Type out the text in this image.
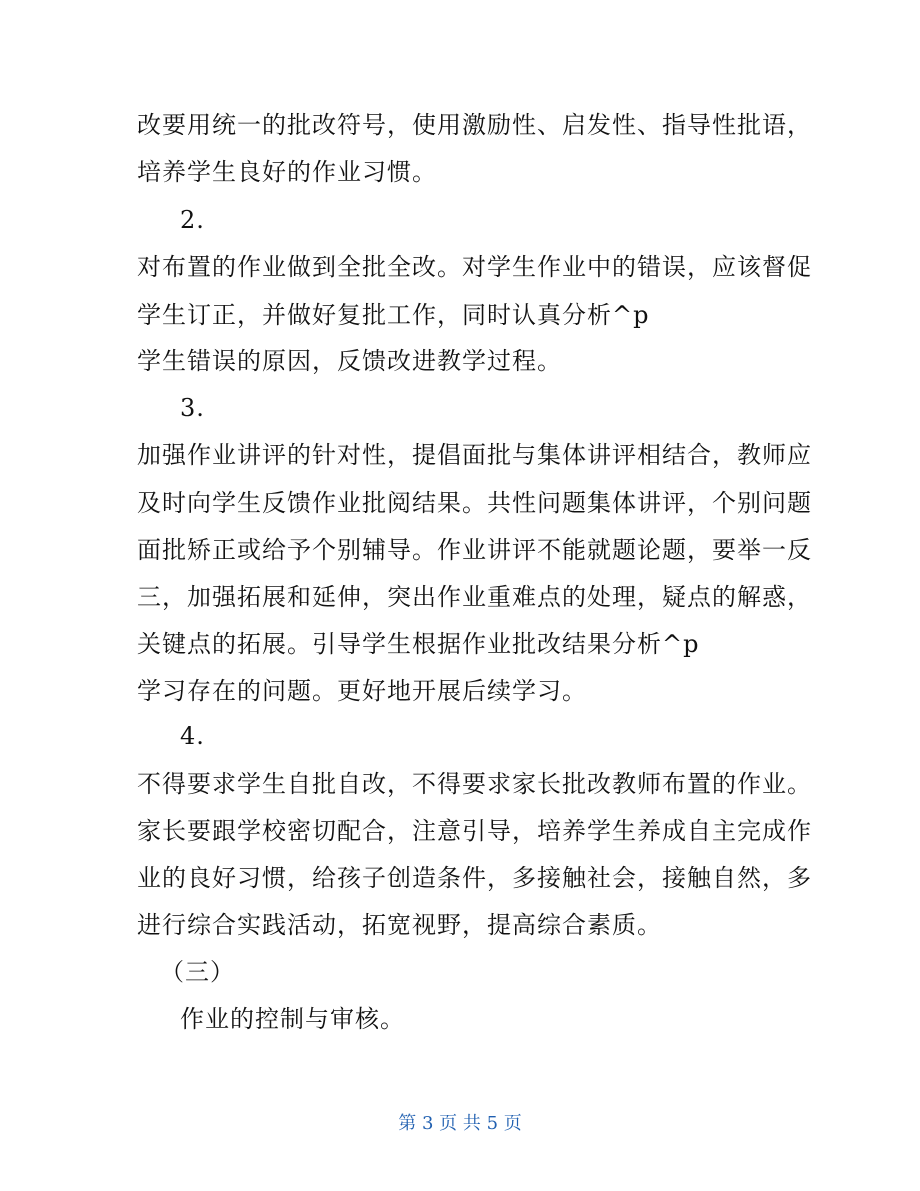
改要用统一的批改符号，使用激励性、启发性、指导性批语，
培养学生良好的作业习惯。
2.
对布置的作业做到全批全改。对学生作业中的错误，应该督促
学生订正，并做好复批工作，同时认真分析^p
学生错误的原因，反馈改进教学过程。
3.
加强作业讲评的针对性，提倡面批与集体讲评相结合，教师应
及时向学生反馈作业批阅结果。共性问题集体讲评，个别问题
面批矫正或给予个别辅导。作业讲评不能就题论题，要举一反
三，加强拓展和延伸，突出作业重难点的处理，疑点的解惑，
关键点的拓展。引导学生根据作业批改结果分析^p
学习存在的问题。更好地开展后续学习。
4.
不得要求学生自批自改，不得要求家长批改教师布置的作业。
家长要跟学校密切配合，注意引导，培养学生养成自主完成作
业的良好习惯，给孩子创造条件，多接触社会，接触自然，多
进行综合实践活动，拓宽视野，提高综合素质。
（三）
作业的控制与审核。
第 3 页 共 5 页
